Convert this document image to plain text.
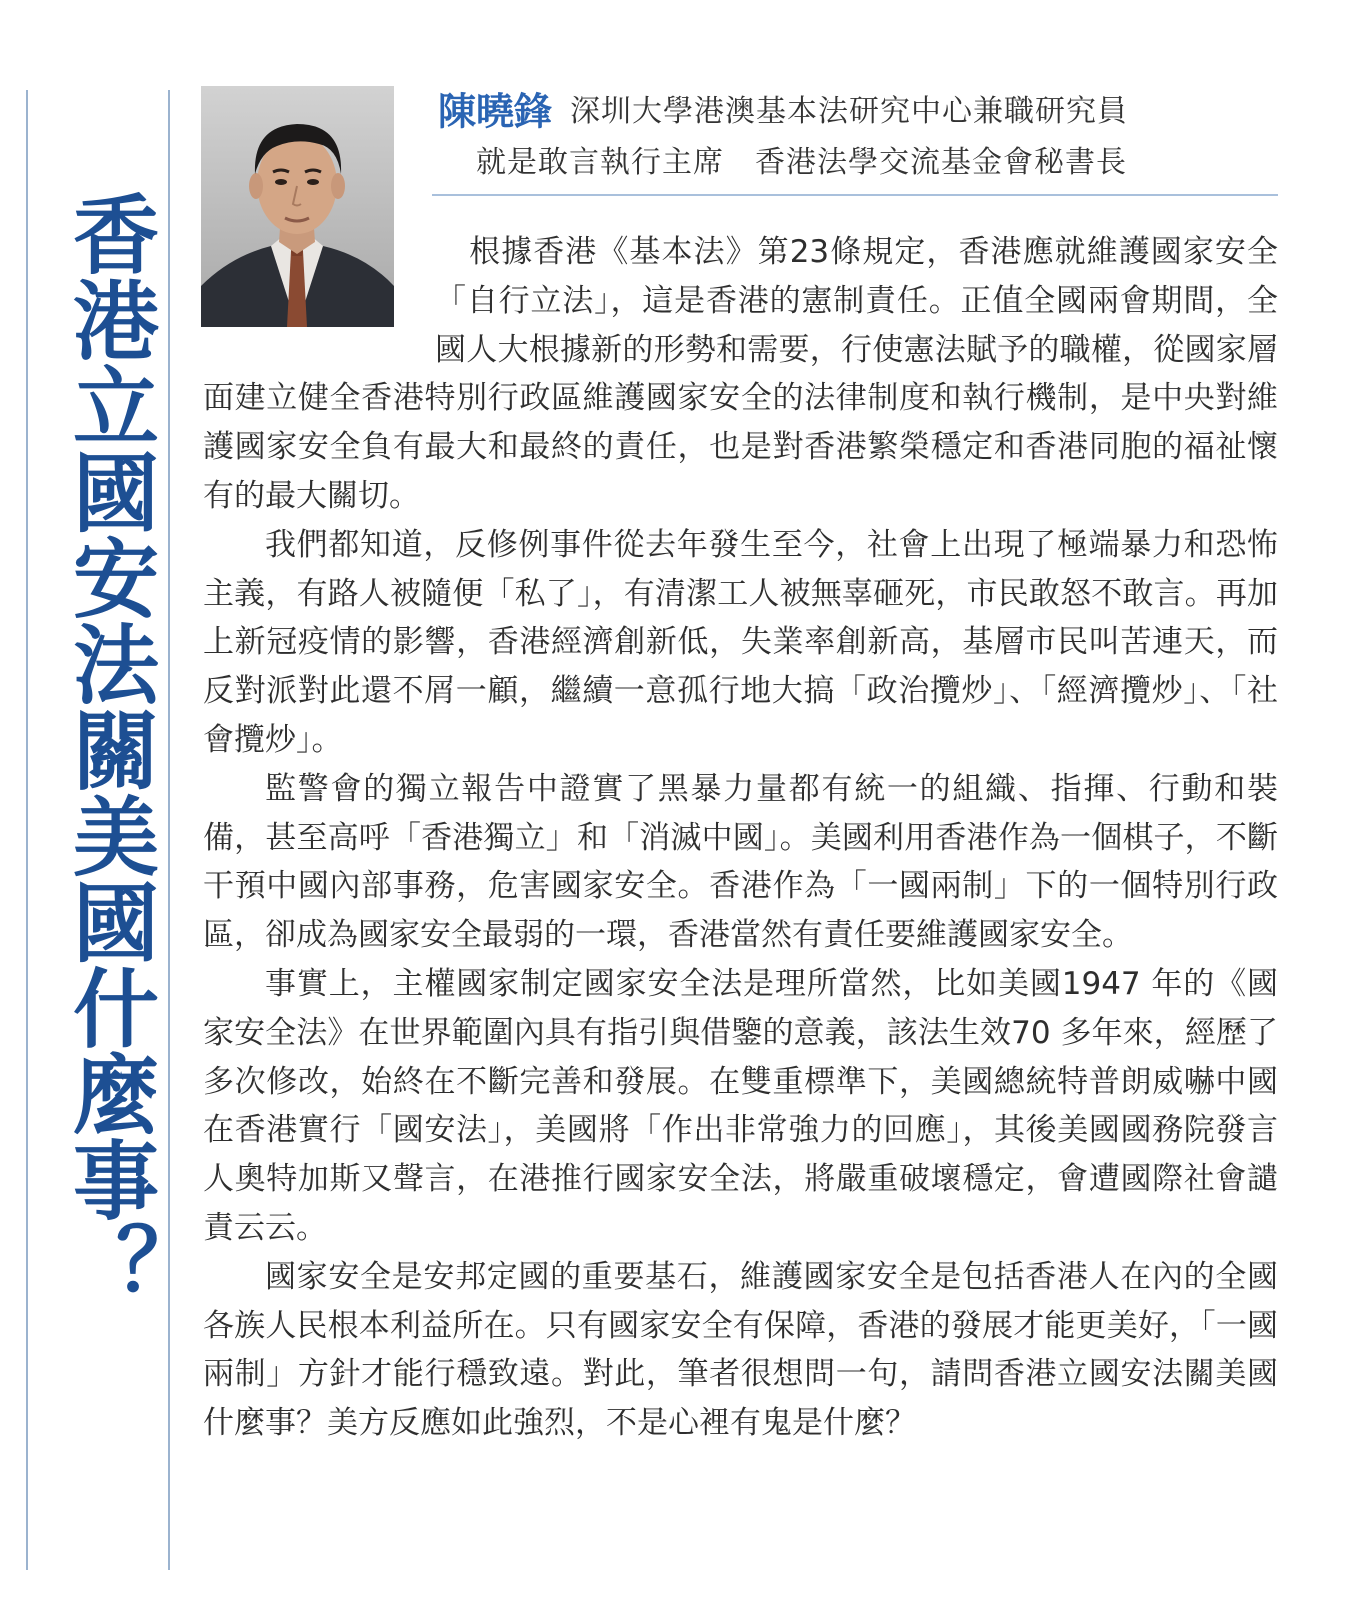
香港立國安法關美國什麼事？
陳曉鋒 深圳大學港澳基本法研究中心兼職研究員
就是敢言執行主席　香港法學交流基金會秘書長

根據香港《基本法》第23條規定，香港應就維護國家安全「自行立法」，這是香港的憲制責任。正值全國兩會期間，全國人大根據新的形勢和需要，行使憲法賦予的職權，從國家層面建立健全香港特別行政區維護國家安全的法律制度和執行機制，是中央對維護國家安全負有最大和最終的責任，也是對香港繁榮穩定和香港同胞的福祉懷有的最大關切。

我們都知道，反修例事件從去年發生至今，社會上出現了極端暴力和恐怖主義，有路人被隨便「私了」，有清潔工人被無辜砸死，市民敢怒不敢言。再加上新冠疫情的影響，香港經濟創新低，失業率創新高，基層市民叫苦連天，而反對派對此還不屑一顧，繼續一意孤行地大搞「政治攬炒」、「經濟攬炒」、「社會攬炒」。

監警會的獨立報告中證實了黑暴力量都有統一的組織、指揮、行動和裝備，甚至高呼「香港獨立」和「消滅中國」。美國利用香港作為一個棋子，不斷干預中國內部事務，危害國家安全。香港作為「一國兩制」下的一個特別行政區，卻成為國家安全最弱的一環，香港當然有責任要維護國家安全。

事實上，主權國家制定國家安全法是理所當然，比如美國1947 年的《國家安全法》在世界範圍內具有指引與借鑒的意義，該法生效70 多年來，經歷了多次修改，始終在不斷完善和發展。在雙重標準下，美國總統特普朗威嚇中國在香港實行「國安法」，美國將「作出非常強力的回應」，其後美國國務院發言人奧特加斯又聲言，在港推行國家安全法，將嚴重破壞穩定，會遭國際社會譴責云云。

國家安全是安邦定國的重要基石，維護國家安全是包括香港人在內的全國各族人民根本利益所在。只有國家安全有保障，香港的發展才能更美好，「一國兩制」方針才能行穩致遠。對此，筆者很想問一句，請問香港立國安法關美國什麼事？美方反應如此強烈，不是心裡有鬼是什麼？
